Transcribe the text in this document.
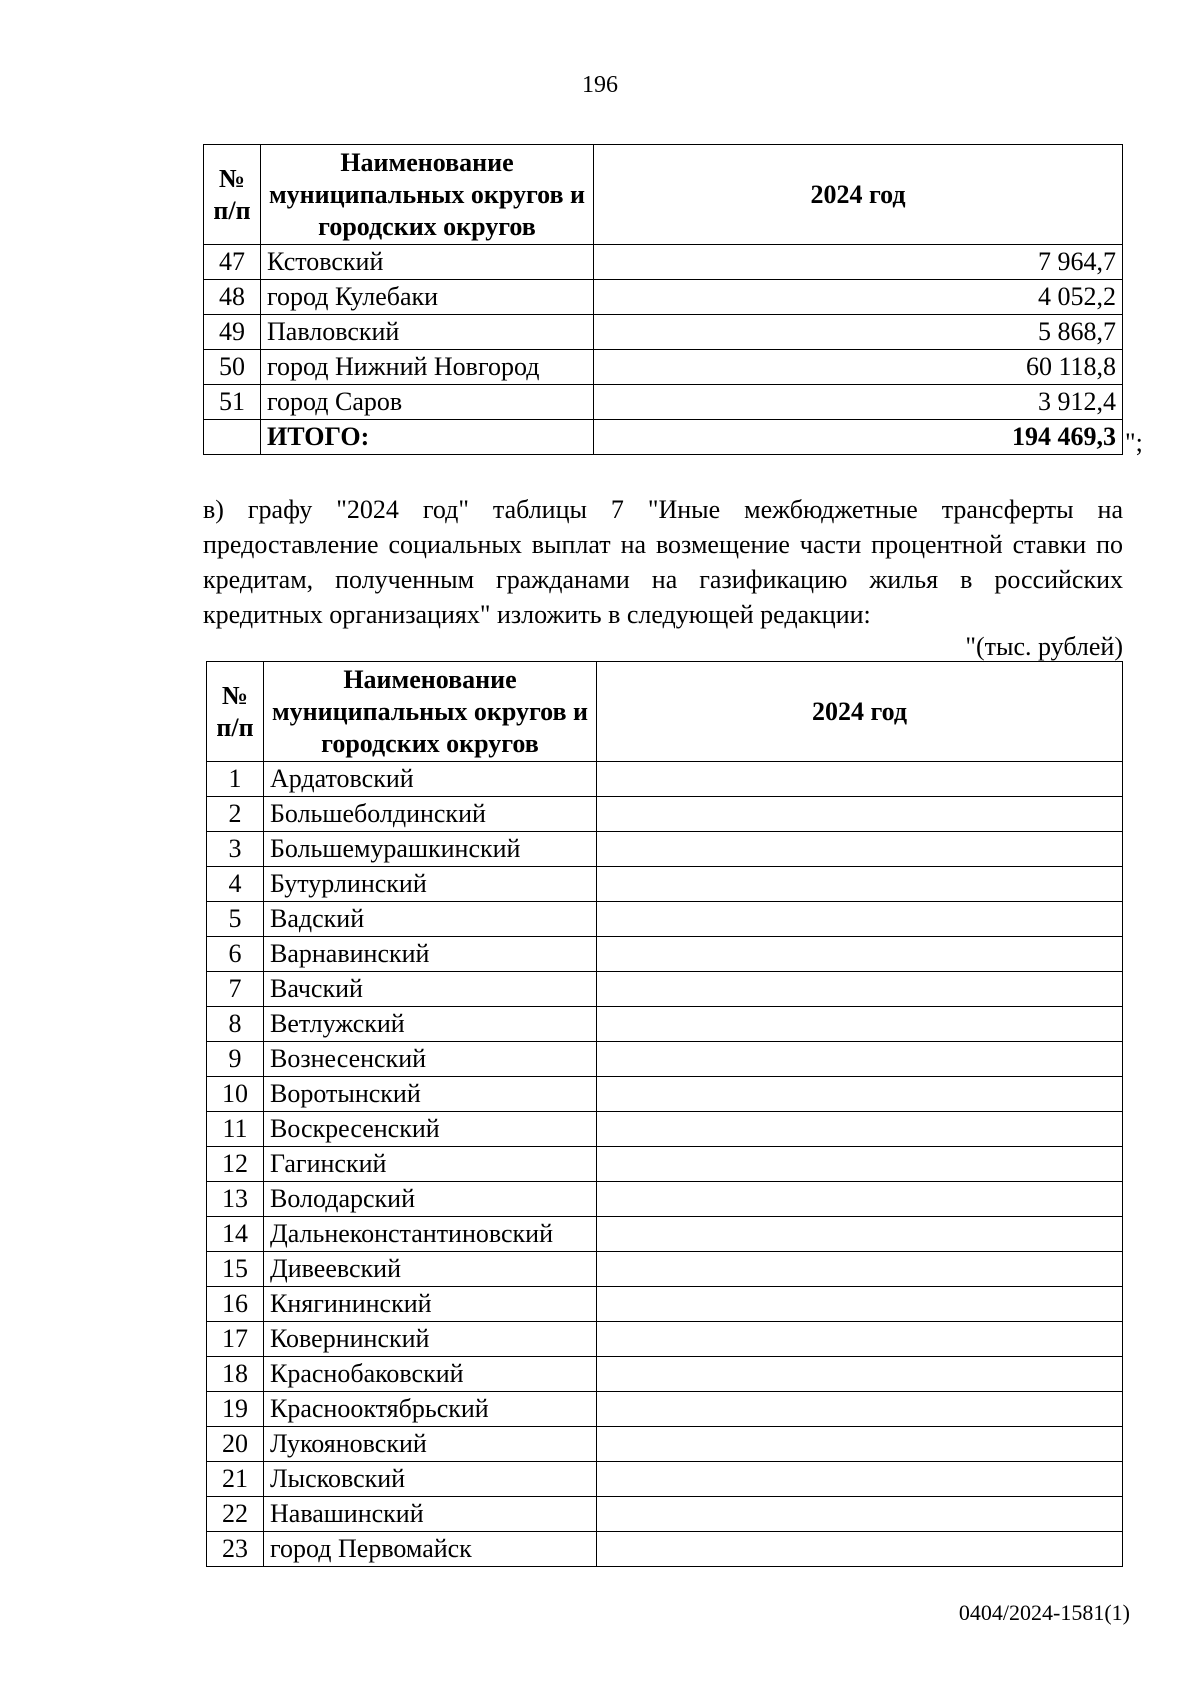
196
№ п/п	Наименование муниципальных округов и городских округов	2024 год
47	Кстовский	7 964,7
48	город Кулебаки	4 052,2
49	Павловский	5 868,7
50	город Нижний Новгород	60 118,8
51	город Саров	3 912,4
	ИТОГО:	194 469,3 ";
в) графу "2024 год" таблицы 7 "Иные межбюджетные трансферты на предоставление социальных выплат на возмещение части процентной ставки по кредитам, полученным гражданами на газификацию жилья в российских кредитных организациях" изложить в следующей редакции:
"(тыс. рублей)
№ п/п	Наименование муниципальных округов и городских округов	2024 год
1	Ардатовский	
2	Большеболдинский	
3	Большемурашкинский	
4	Бутурлинский	
5	Вадский	
6	Варнавинский	
7	Вачский	
8	Ветлужский	
9	Вознесенский	
10	Воротынский	
11	Воскресенский	
12	Гагинский	
13	Володарский	
14	Дальнеконстантиновский	
15	Дивеевский	
16	Княгининский	
17	Ковернинский	
18	Краснобаковский	
19	Краснооктябрьский	
20	Лукояновский	
21	Лысковский	
22	Навашинский	
23	город Первомайск	
0404/2024-1581(1)
